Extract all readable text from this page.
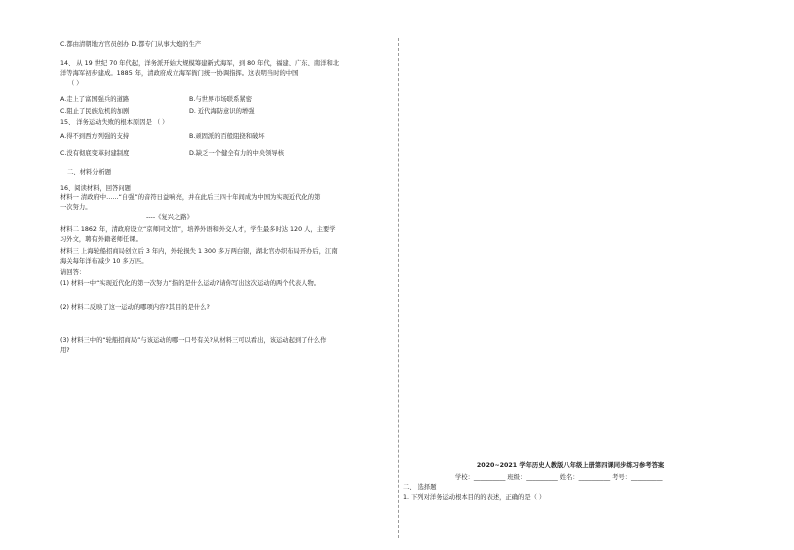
C.都由清朝地方官员创办 D.都专门从事大炮的生产
14、 从 19 世纪 70 年代起，洋务派开始大规模筹建新式海军，到 80 年代，福建、广东、南洋和北
洋等海军初步建成。1885 年，清政府成立海军衙门统一协调指挥。这表明当时的中国
（ ）
A.走上了富国强兵的道路	B.与世界市场联系紧密
C.阻止了民族危机的加剧	D. 近代海防意识的增强
15、 洋务运动失败的根本原因是 （ ）
A.得不到西方列强的支持	B.顽固派的百般阻挠和破坏
C.没有彻底变革封建制度	D.缺乏一个健全有力的中央领导核
二、材料分析题
16、阅读材料，回答问题
材料一 清政府中……“自强”的音符日益响亮，并在此后三四十年间成为中国为实现近代化的第
一次努力。
----《复兴之路》
材料二 1862 年，清政府设立“京师同文馆”，培养外语和外交人才，学生最多时达 120 人，主要学
习外文，聘有外籍老师任课。
材料三 上海轮船招商局创立后 3 年内，外轮损失 1 300 多万两白银，湖北官办织布局开办后，江南
海关每年洋布减少 10 多万匹。
请回答：
(1) 材料一中“实现近代化的第一次努力”指的是什么运动?请你写出这次运动的两个代表人物。
(2) 材料二反映了这一运动的哪项内容?其目的是什么?
(3) 材料三中的“轮船招商局”与该运动的哪一口号有关?从材料三可以看出，该运动起到了什么作
用?
2020~2021 学年历史人教版八年级上册第四课同步练习参考答案
学校：__________ 班级：__________ 姓名：__________ 考号：__________
二、 选择题
1. 下列对洋务运动根本目的的表述，正确的是（ ）
